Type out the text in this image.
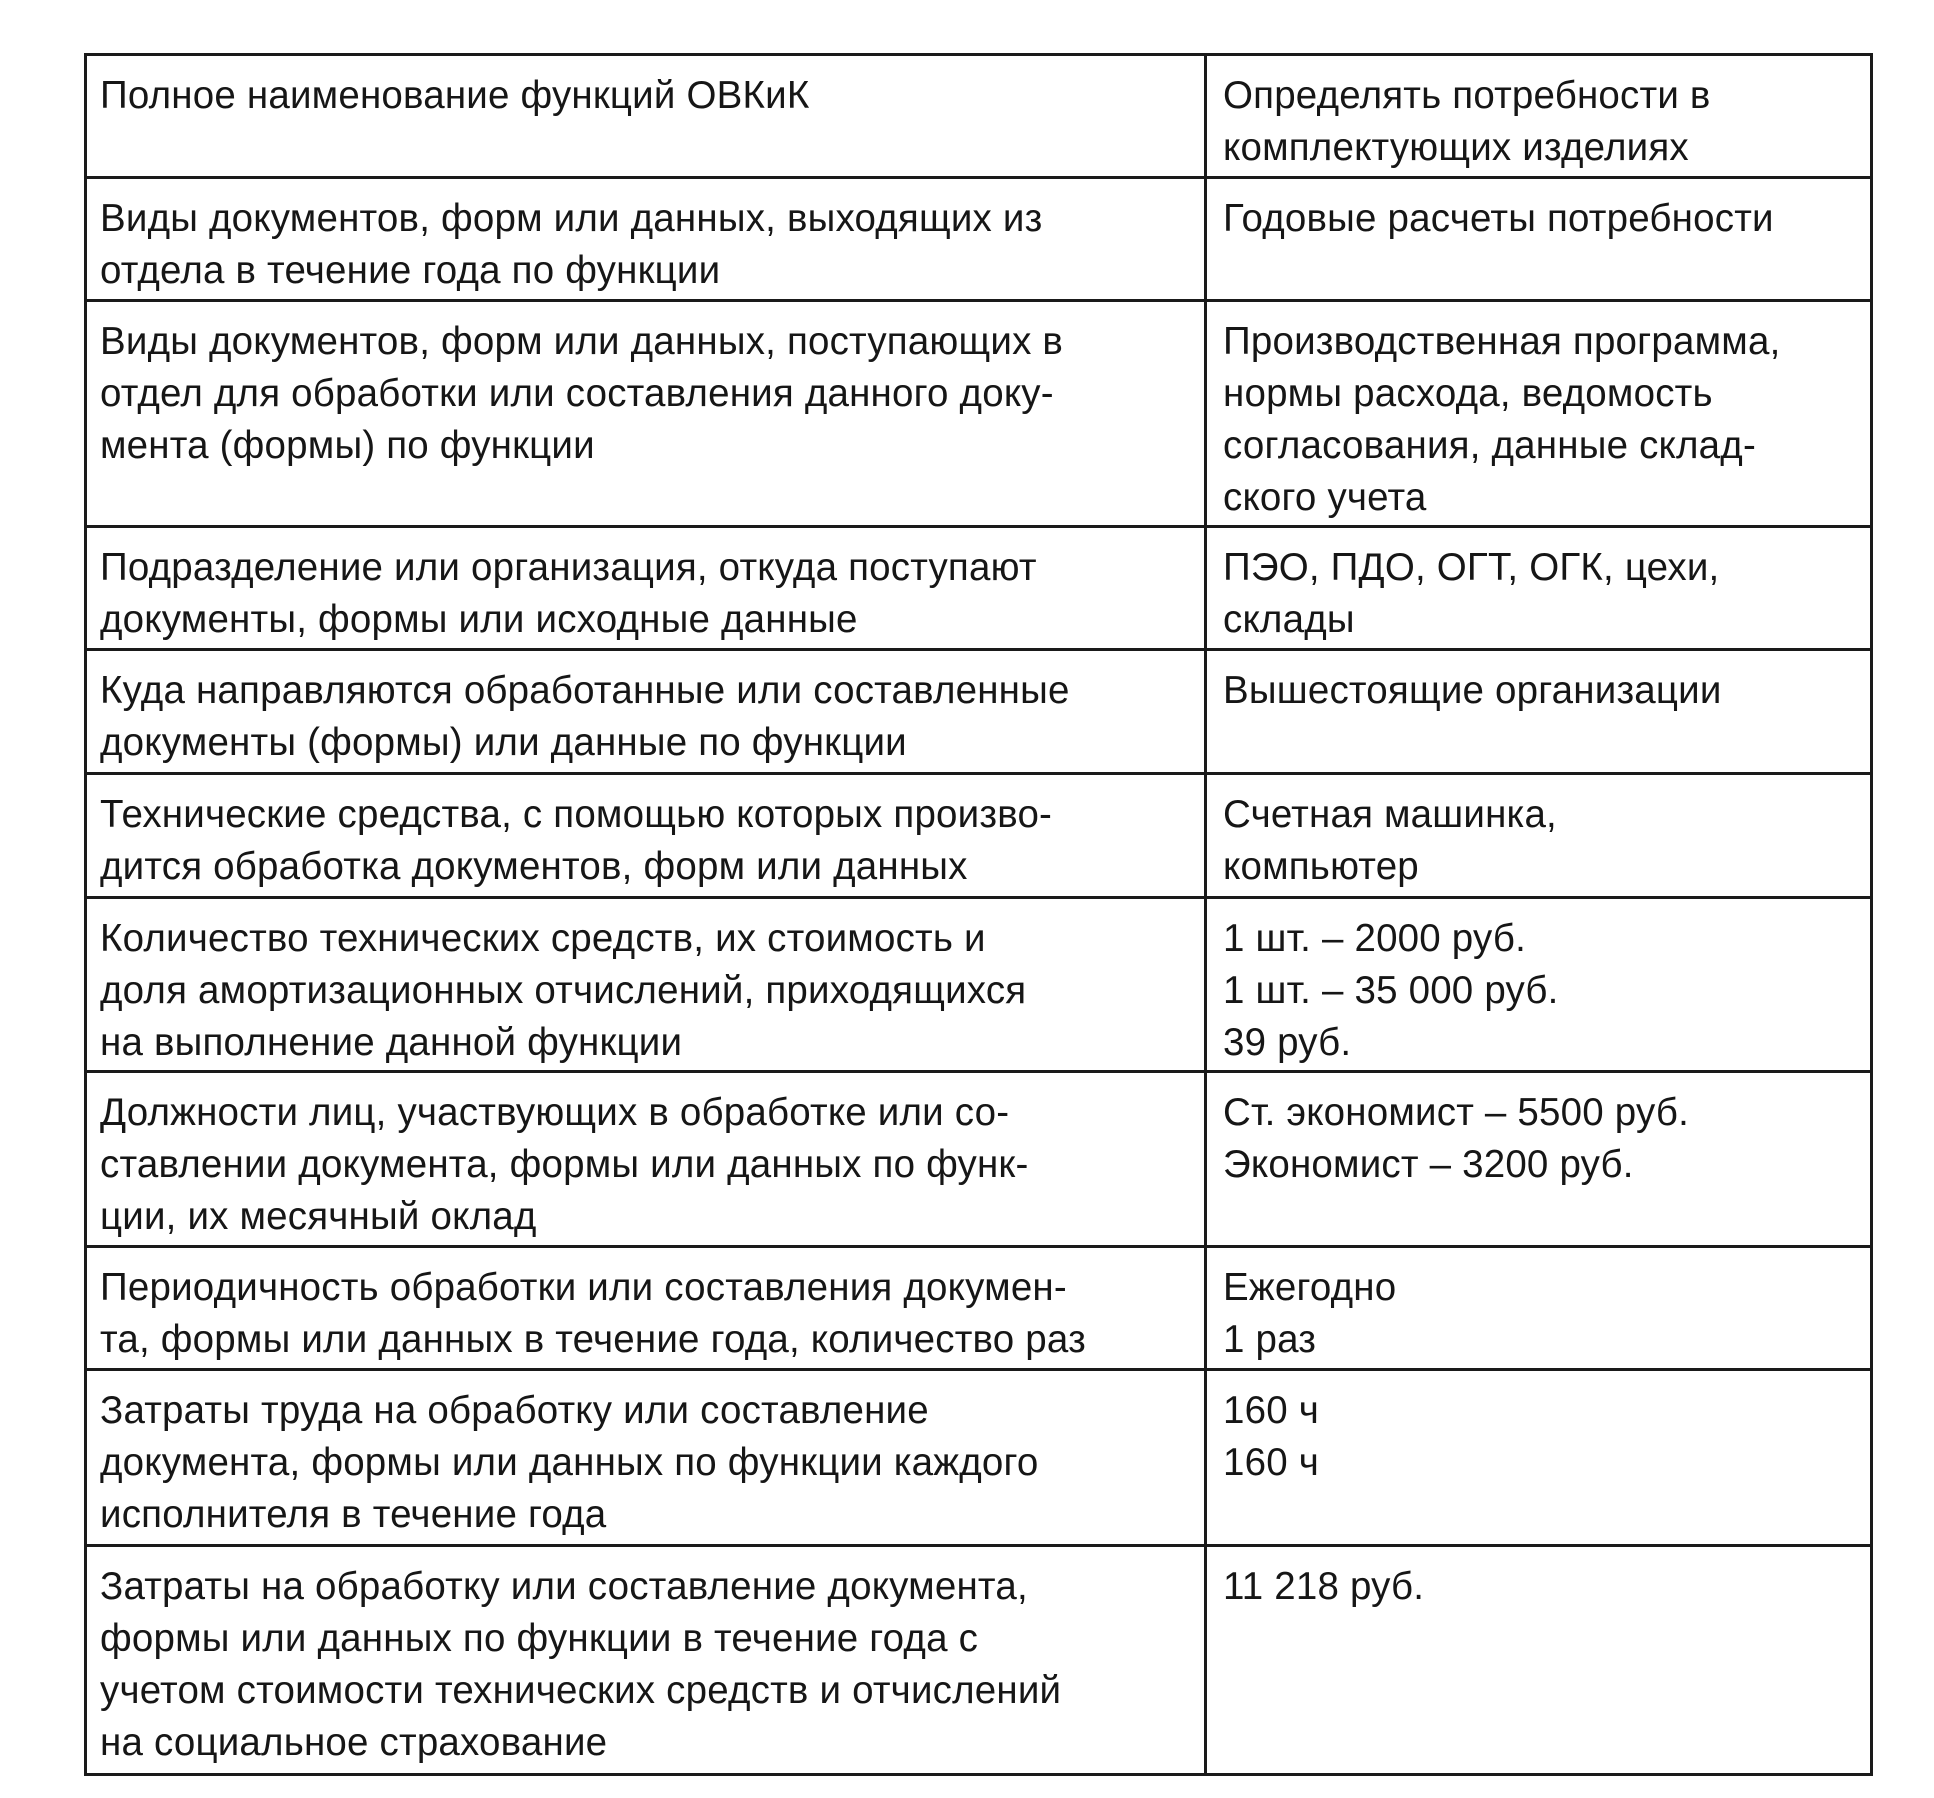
Полное наименование функций ОВКиК	Определять потребности в
комплектующих изделиях

Виды документов, форм или данных, выходящих из
отдела в течение года по функции	Годовые расчеты потребности

Виды документов, форм или данных, поступающих в
отдел для обработки или составления данного доку-
мента (формы) по функции	Производственная программа,
нормы расхода, ведомость
согласования, данные склад-
ского учета

Подразделение или организация, откуда поступают
документы, формы или исходные данные	ПЭО, ПДО, ОГТ, ОГК, цехи,
склады

Куда направляются обработанные или составленные
документы (формы) или данные по функции	Вышестоящие организации

Технические средства, с помощью которых произво-
дится обработка документов, форм или данных	Счетная машинка,
компьютер

Количество технических средств, их стоимость и
доля амортизационных отчислений, приходящихся
на выполнение данной функции	1 шт. – 2000 руб.
1 шт. – 35 000 руб.
39 руб.

Должности лиц, участвующих в обработке или со-
ставлении документа, формы или данных по функ-
ции, их месячный оклад	Ст. экономист – 5500 руб.
Экономист – 3200 руб.

Периодичность обработки или составления докумен-
та, формы или данных в течение года, количество раз	Ежегодно
1 раз

Затраты труда на обработку или составление
документа, формы или данных по функции каждого
исполнителя в течение года	160 ч
160 ч

Затраты на обработку или составление документа,
формы или данных по функции в течение года с
учетом стоимости технических средств и отчислений
на социальное страхование	11 218 руб.
